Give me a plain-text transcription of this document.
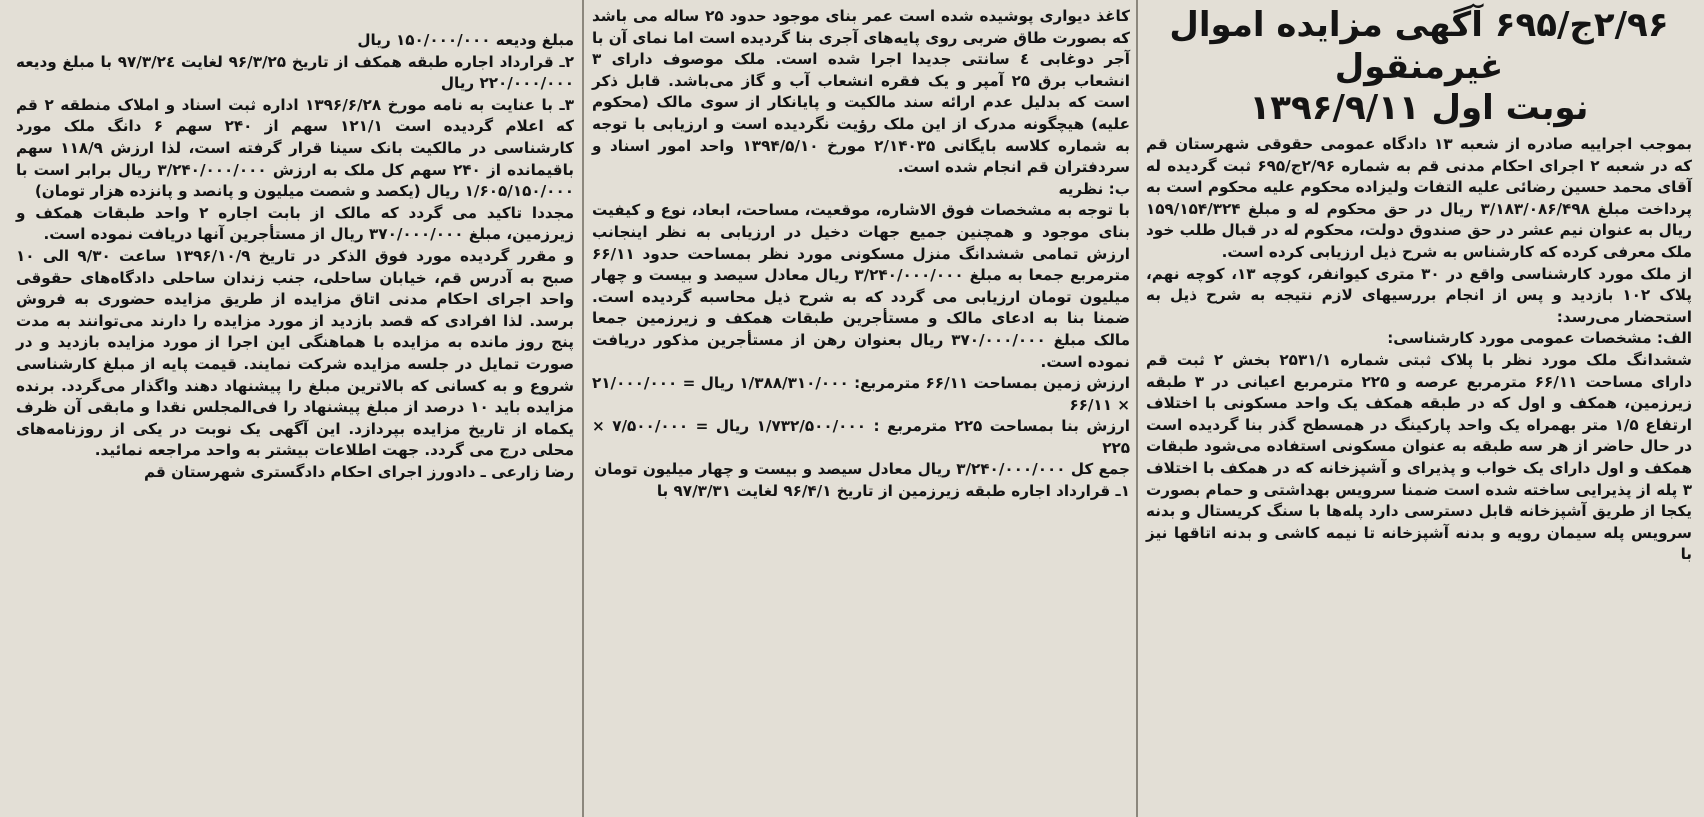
۲/۹۶ج/۶۹۵ آگهی مزایده اموال غیرمنقول
نوبت اول ۱۳۹۶/۹/۱۱

بموجب اجراییه صادره از شعبه ۱۳ دادگاه عمومی حقوقی شهرستان قم که در شعبه ۲ اجرای احکام مدنی قم به شماره ۲/۹۶ج/۶۹۵ ثبت گردیده له آقای محمد حسین رضائی علیه التفات ولیزاده محکوم علیه محکوم است به پرداخت مبلغ ۳/۱۸۳/۰۸۶/۴۹۸ ریال در حق محکوم له و مبلغ ۱۵۹/۱۵۴/۳۲۴ ریال به عنوان نیم عشر در حق صندوق دولت، محکوم له در قبال طلب خود ملک معرفی کرده که کارشناس به شرح ذیل ارزیابی کرده است.

از ملک مورد کارشناسی واقع در ۳۰ متری کیوانفر، کوچه ۱۳، کوچه نهم، پلاک ۱۰۲ بازدید و پس از انجام بررسیهای لازم نتیجه به شرح ذیل به استحضار می‌رسد:

الف: مشخصات عمومی مورد کارشناسی:

ششدانگ ملک مورد نظر با پلاک ثبتی شماره ۲۵۳۱/۱ بخش ۲ ثبت قم دارای مساحت ۶۶/۱۱ مترمربع عرصه و ۲۲۵ مترمربع اعیانی در ۳ طبقه زیرزمین، همکف و اول که در طبقه همکف یک واحد مسکونی با اختلاف ارتفاع ۱/۵ متر بهمراه یک واحد پارکینگ در همسطح گذر بنا گردیده است در حال حاضر از هر سه طبقه به عنوان مسکونی استفاده می‌شود طبقات همکف و اول دارای یک خواب و پذیرای و آشپزخانه که در همکف با اختلاف ۳ پله از پذیرایی ساخته شده است ضمنا سرویس بهداشتی و حمام بصورت یکجا از طریق آشپزخانه قابل دسترسی دارد پله‌ها با سنگ کریستال و بدنه سرویس پله سیمان رویه و بدنه آشپزخانه تا نیمه کاشی و بدنه اتاقها نیز با

کاغذ دیواری پوشیده شده است عمر بنای موجود حدود ۲۵ ساله می باشد که بصورت طاق ضربی روی پایه‌های آجری بنا گردیده است اما نمای آن با آجر دوغابی ٤ سانتی جدیدا اجرا شده است. ملک موصوف دارای ۳ انشعاب برق ۲۵ آمپر و یک فقره انشعاب آب و گاز می‌باشد. قابل ذکر است که بدلیل عدم ارائه سند مالکیت و پایانکار از سوی مالک (محکوم علیه) هیچگونه مدرک از این ملک رؤیت نگردیده است و ارزیابی با توجه به شماره کلاسه بایگانی ۲/۱۴۰۳۵ مورخ ۱۳۹۴/۵/۱۰ واحد امور اسناد و سردفتران قم انجام شده است.

ب: نظریه

با توجه به مشخصات فوق الاشاره، موقعیت، مساحت، ابعاد، نوع و کیفیت بنای موجود و همچنین جمیع جهات دخیل در ارزیابی به نظر اینجانب ارزش تمامی ششدانگ منزل مسکونی مورد نظر بمساحت حدود ۶۶/۱۱ مترمربع جمعا به مبلغ ۳/۲۴۰/۰۰۰/۰۰۰ ریال معادل سیصد و بیست و چهار میلیون تومان ارزیابی می گردد که به شرح ذیل محاسبه گردیده است. ضمنا بنا به ادعای مالک و مستأجرین طبقات همکف و زیرزمین جمعا مالک مبلغ ۳۷۰/۰۰۰/۰۰۰ ریال بعنوان رهن از مستأجرین مذکور دریافت نموده است.

ارزش زمین بمساحت ۶۶/۱۱ مترمربع: ۱/۳۸۸/۳۱۰/۰۰۰ ریال = ۲۱/۰۰۰/۰۰۰ × ۶۶/۱۱

ارزش بنا بمساحت ۲۲۵ مترمربع : ۱/۷۳۲/۵۰۰/۰۰۰ ریال = ۷/۵۰۰/۰۰۰ × ۲۲۵

جمع کل ۳/۲۴۰/۰۰۰/۰۰۰ ریال معادل سیصد و بیست و چهار میلیون تومان

۱ـ قرارداد اجاره طبقه زیرزمین از تاریخ ۹۶/۴/۱ لغایت ۹۷/۳/۳۱ با

مبلغ ودیعه ۱۵۰/۰۰۰/۰۰۰ ریال

۲ـ قرارداد اجاره طبقه همکف از تاریخ ۹۶/۳/۲۵ لغایت ۹۷/۳/۲٤ با مبلغ ودیعه ۲۲۰/۰۰۰/۰۰۰ ریال

۳ـ با عنایت به نامه مورخ ۱۳۹۶/۶/۲۸ اداره ثبت اسناد و املاک منطقه ۲ قم که اعلام گردیده است ۱۲۱/۱ سهم از ۲۴۰ سهم ۶ دانگ ملک مورد کارشناسی در مالکیت بانک سینا قرار گرفته است، لذا ارزش ۱۱۸/۹ سهم باقیمانده از ۲۴۰ سهم کل ملک به ارزش ۳/۲۴۰/۰۰۰/۰۰۰ ریال برابر است با ۱/۶۰۵/۱۵۰/۰۰۰ ریال (یکصد و شصت میلیون و پانصد و پانزده هزار تومان)

مجددا تاکید می گردد که مالک از بابت اجاره ۲ واحد طبقات همکف و زیرزمین، مبلغ ۳۷۰/۰۰۰/۰۰۰ ریال از مستأجرین آنها دریافت نموده است.

و مقرر گردیده مورد فوق الذکر در تاریخ ۱۳۹۶/۱۰/۹ ساعت ۹/۳۰ الی ۱۰ صبح به آدرس قم، خیابان ساحلی، جنب زندان ساحلی دادگاه‌های حقوقی واحد اجرای احکام مدنی اتاق مزایده از طریق مزایده حضوری به فروش برسد. لذا افرادی که قصد بازدید از مورد مزایده را دارند می‌توانند به مدت پنج روز مانده به مزایده با هماهنگی این اجرا از مورد مزایده بازدید و در صورت تمایل در جلسه مزایده شرکت نمایند. قیمت پایه از مبلغ کارشناسی شروع و به کسانی که بالاترین مبلغ را پیشنهاد دهند واگذار می‌گردد. برنده مزایده باید ۱۰ درصد از مبلغ پیشنهاد را فی‌المجلس نقدا و مابقی آن ظرف یکماه از تاریخ مزایده بپردازد. این آگهی یک نوبت در یکی از روزنامه‌های محلی درج می گردد. جهت اطلاعات بیشتر به واحد مراجعه نمائید.

رضا زارعی ـ دادورز اجرای احکام دادگستری شهرستان قم
